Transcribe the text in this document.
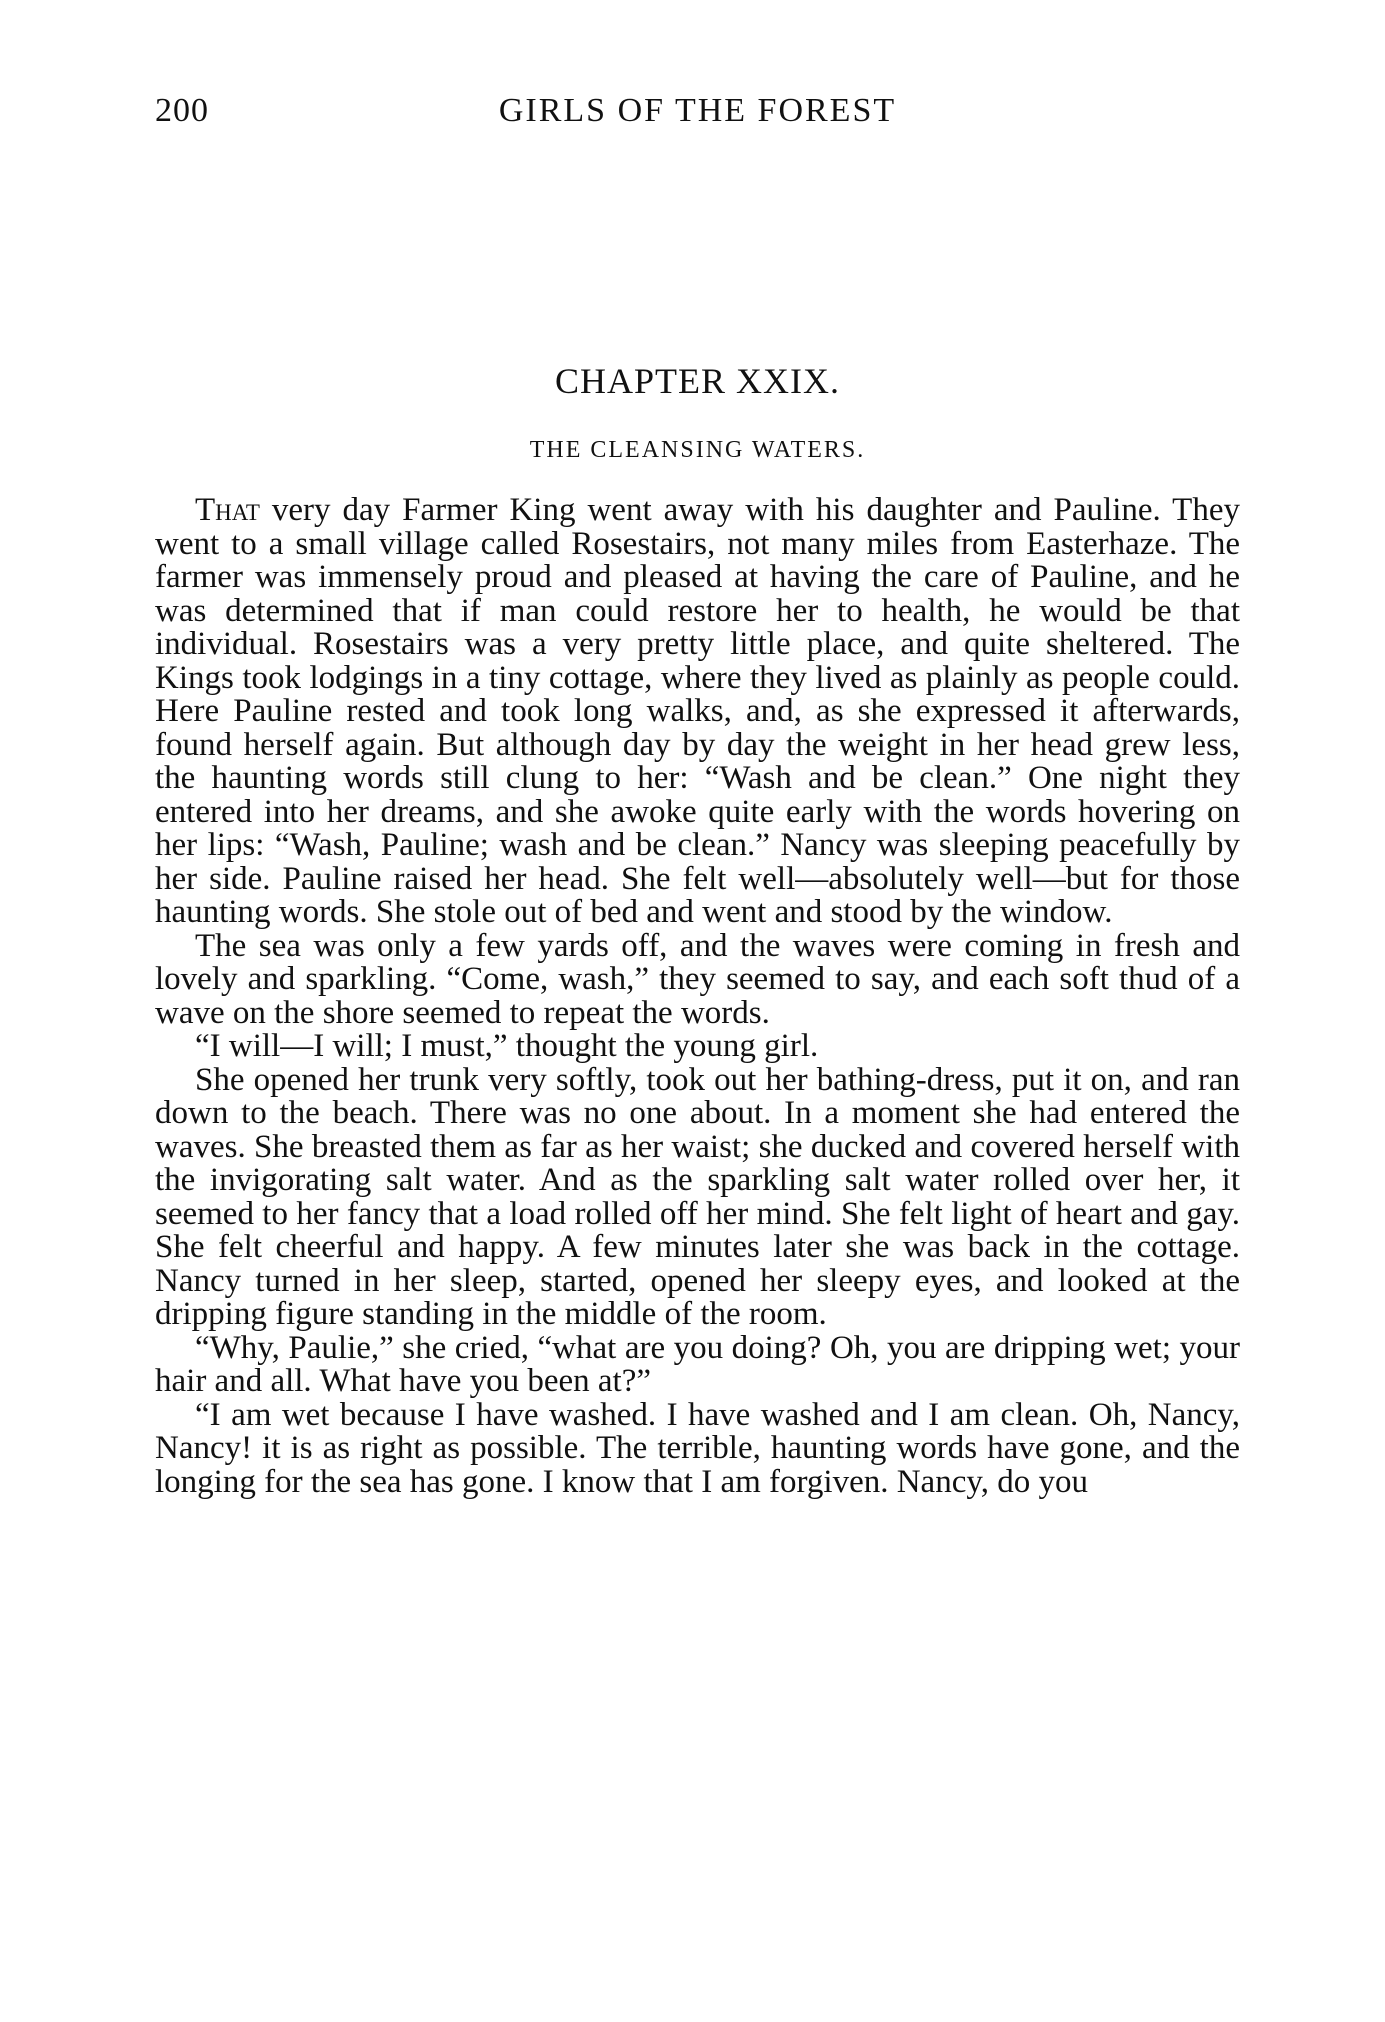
200	GIRLS OF THE FOREST
CHAPTER XXIX.
THE CLEANSING WATERS.

That very day Farmer King went away with his daughter and Pauline. They went to a small village called Rosestairs, not many miles from Easterhaze. The farmer was immensely proud and pleased at having the care of Pauline, and he was determined that if man could restore her to health, he would be that individual. Rosestairs was a very pretty little place, and quite sheltered. The Kings took lodgings in a tiny cottage, where they lived as plainly as people could. Here Pauline rested and took long walks, and, as she expressed it afterwards, found herself again. But although day by day the weight in her head grew less, the haunting words still clung to her: “Wash and be clean.” One night they entered into her dreams, and she awoke quite early with the words hovering on her lips: “Wash, Pauline; wash and be clean.” Nancy was sleeping peacefully by her side. Pauline raised her head. She felt well—absolutely well—but for those haunting words. She stole out of bed and went and stood by the window.

The sea was only a few yards off, and the waves were coming in fresh and lovely and sparkling. “Come, wash,” they seemed to say, and each soft thud of a wave on the shore seemed to repeat the words.

“I will—I will; I must,” thought the young girl.

She opened her trunk very softly, took out her bathing-dress, put it on, and ran down to the beach. There was no one about. In a moment she had entered the waves. She breasted them as far as her waist; she ducked and covered herself with the invigorating salt water. And as the sparkling salt water rolled over her, it seemed to her fancy that a load rolled off her mind. She felt light of heart and gay. She felt cheerful and happy. A few minutes later she was back in the cottage. Nancy turned in her sleep, started, opened her sleepy eyes, and looked at the dripping figure standing in the middle of the room.

“Why, Paulie,” she cried, “what are you doing? Oh, you are dripping wet; your hair and all. What have you been at?”

“I am wet because I have washed. I have washed and I am clean. Oh, Nancy, Nancy! it is as right as possible. The terrible, haunting words have gone, and the longing for the sea has gone. I know that I am forgiven. Nancy, do you
